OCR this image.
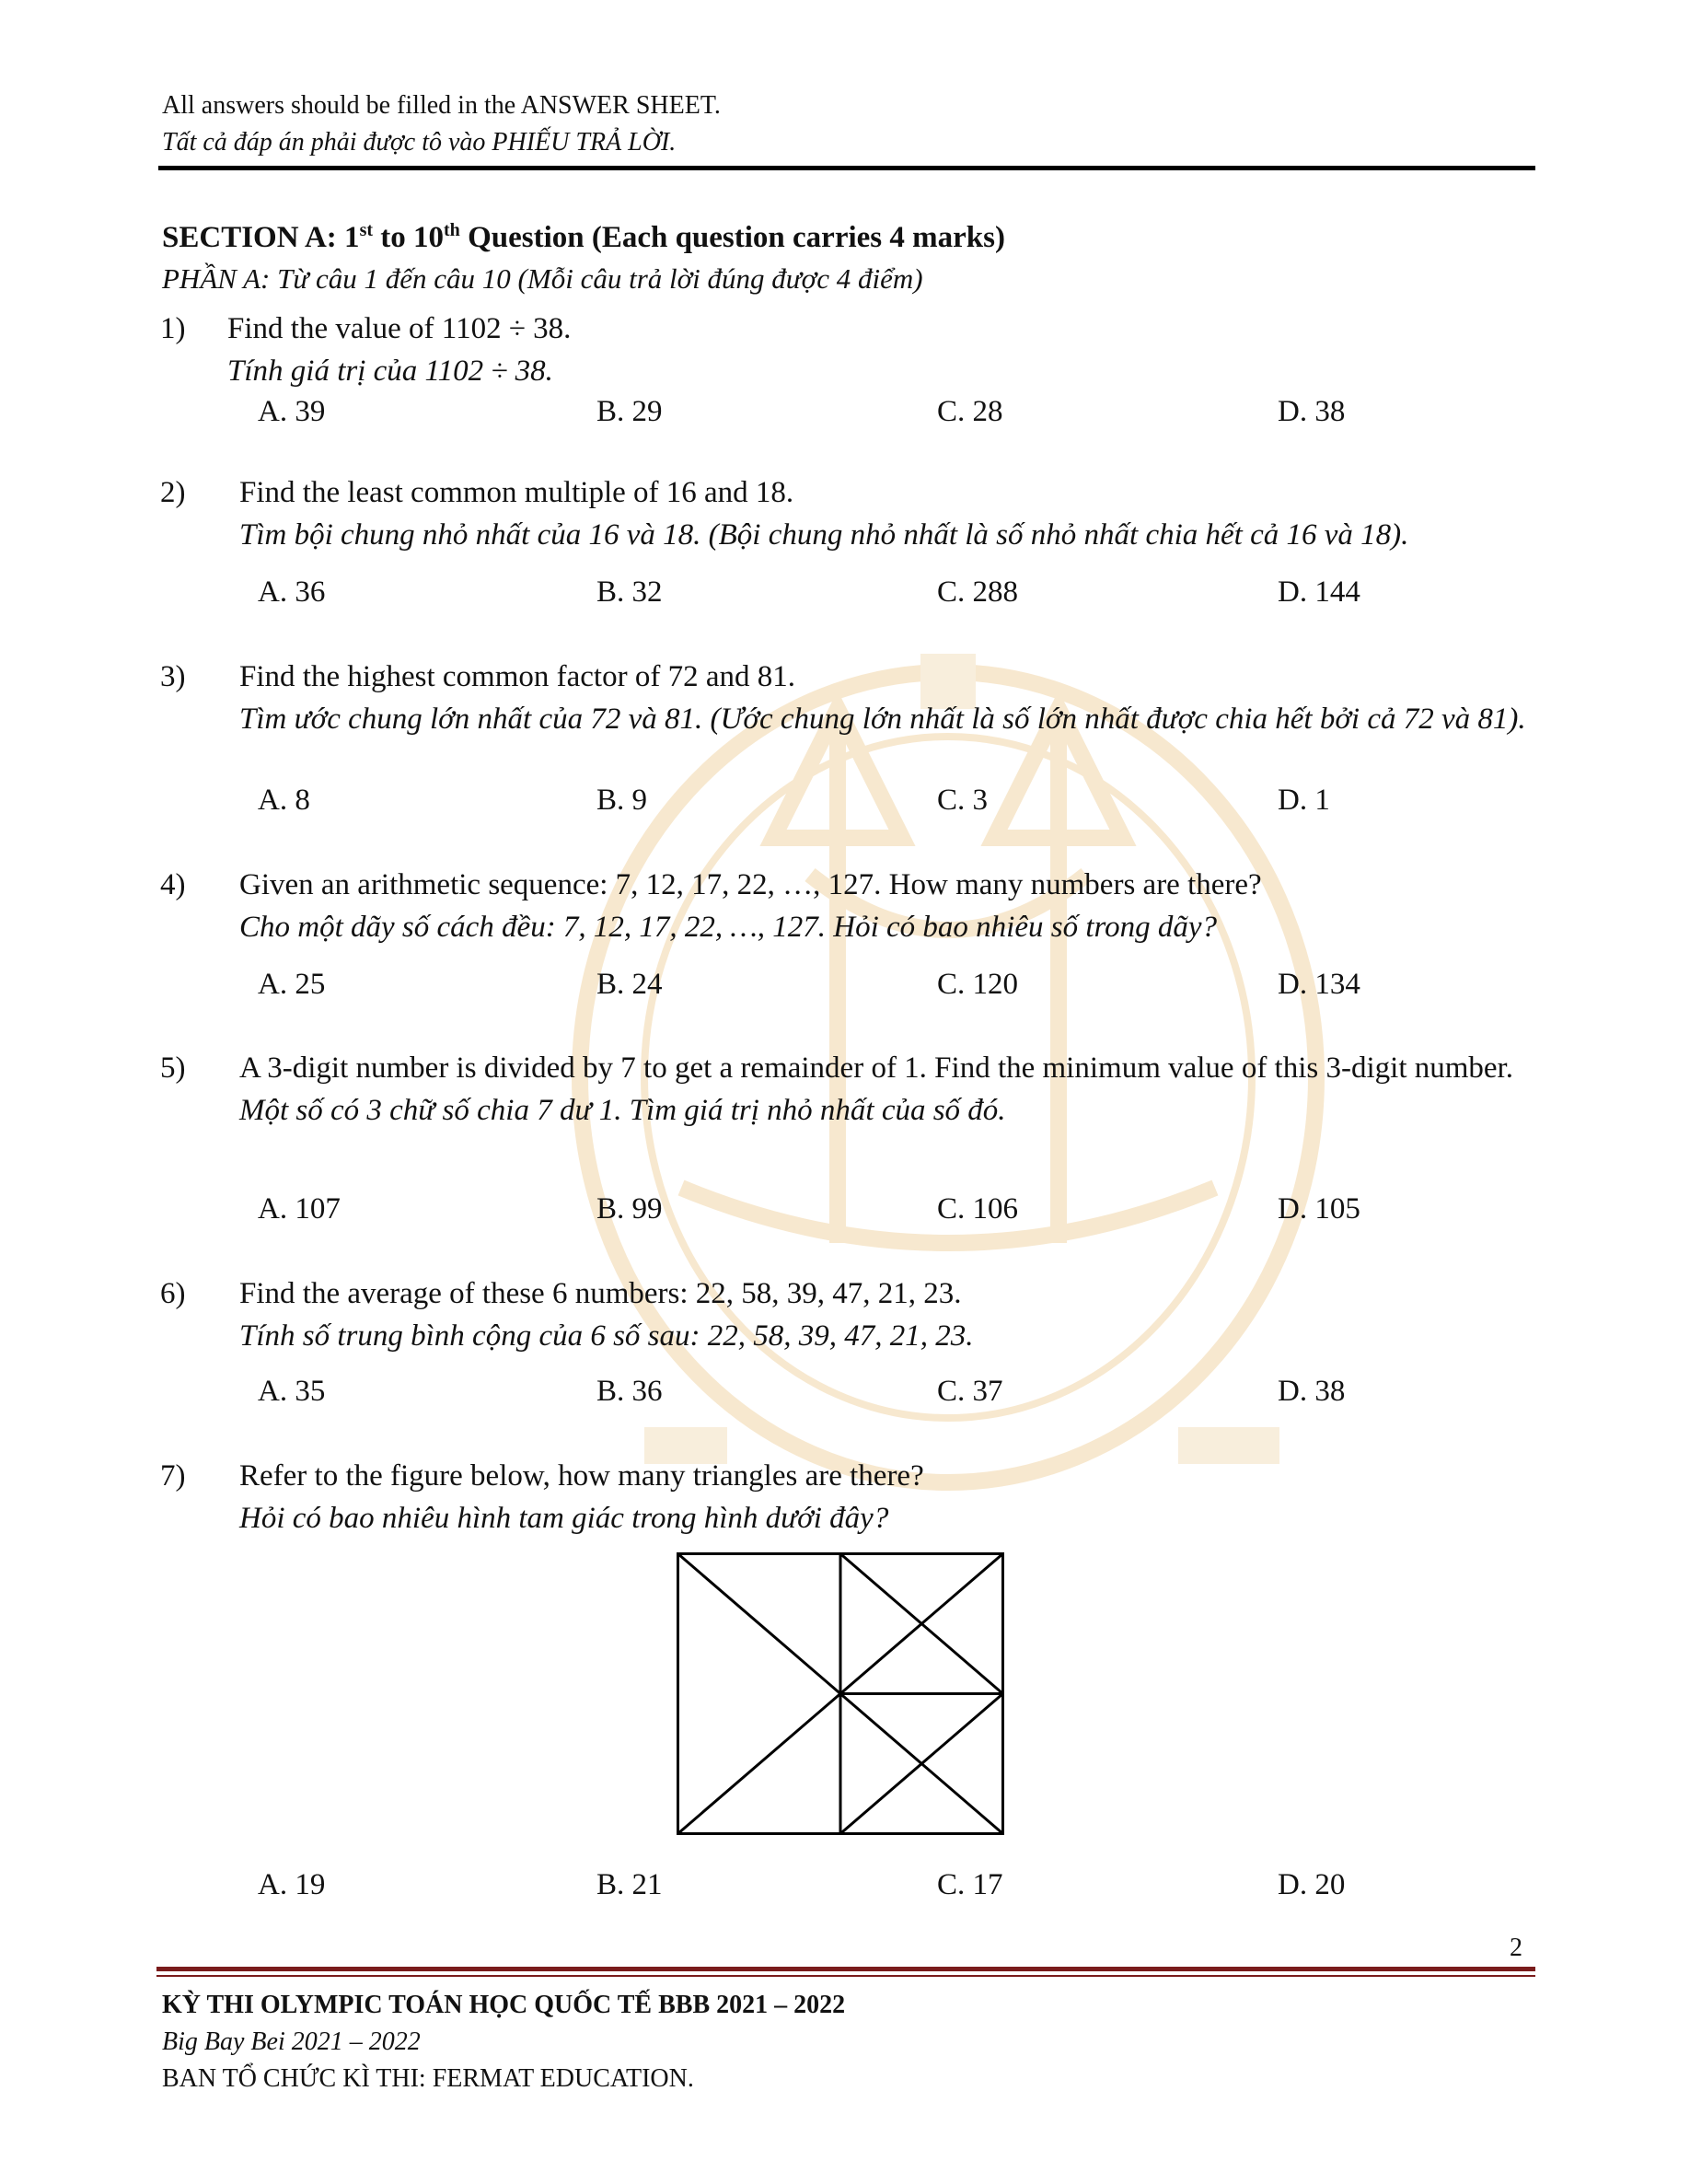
All answers should be filled in the ANSWER SHEET.
Tất cả đáp án phải được tô vào PHIẾU TRẢ LỜI.
SECTION A: 1st to 10th Question (Each question carries 4 marks)
PHẦN A: Từ câu 1 đến câu 10 (Mỗi câu trả lời đúng được 4 điểm)
1) Find the value of 1102 ÷ 38.
Tính giá trị của 1102 ÷ 38.
A. 39	B. 29	C. 28	D. 38
2) Find the least common multiple of 16 and 18.
Tìm bội chung nhỏ nhất của 16 và 18. (Bội chung nhỏ nhất là số nhỏ nhất chia hết cả 16 và 18).
A. 36	B. 32	C. 288	D. 144
3) Find the highest common factor of 72 and 81.
Tìm ước chung lớn nhất của 72 và 81. (Ước chung lớn nhất là số lớn nhất được chia hết bởi cả 72 và 81).
A. 8	B. 9	C. 3	D. 1
4) Given an arithmetic sequence: 7, 12, 17, 22, …, 127. How many numbers are there?
Cho một dãy số cách đều: 7, 12, 17, 22, …, 127. Hỏi có bao nhiêu số trong dãy?
A. 25	B. 24	C. 120	D. 134
5) A 3-digit number is divided by 7 to get a remainder of 1. Find the minimum value of this 3-digit number.
Một số có 3 chữ số chia 7 dư 1. Tìm giá trị nhỏ nhất của số đó.
A. 107	B. 99	C. 106	D. 105
6) Find the average of these 6 numbers: 22, 58, 39, 47, 21, 23.
Tính số trung bình cộng của 6 số sau: 22, 58, 39, 47, 21, 23.
A. 35	B. 36	C. 37	D. 38
7) Refer to the figure below, how many triangles are there?
Hỏi có bao nhiêu hình tam giác trong hình dưới đây?
A. 19	B. 21	C. 17	D. 20
2
KỲ THI OLYMPIC TOÁN HỌC QUỐC TẾ BBB 2021 – 2022
Big Bay Bei 2021 – 2022
BAN TỔ CHỨC KÌ THI: FERMAT EDUCATION.
